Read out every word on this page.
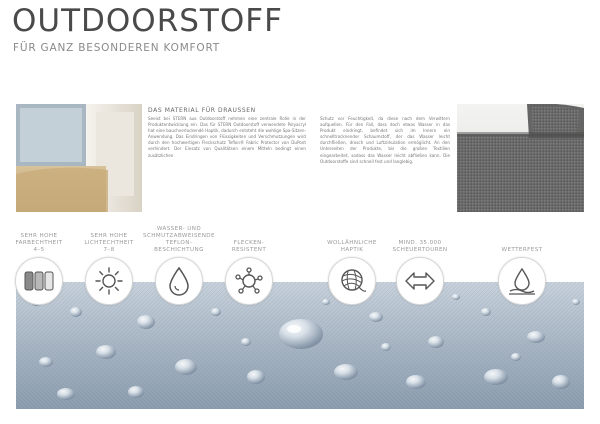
OUTDOORSTOFF
FÜR GANZ BESONDEREN KOMFORT
DAS MATERIAL FÜR DRAUSSEN
Seeist bei STERN aus Outdoorstoff nehmen eine zentrale Rolle in der Produktentwicklung ein. Das für STERN Outdoorstoff verwendete Polyacryl hat eine bauchverlockendé Haptik, dadurch entsteht die wohlige Spa-Sitzen-Anwendung. Das Eindringen von Flüssigkeiten und Verschmutzungen wird durch den hochwertigen Fleckschutz Teflon® Fabric Protector von DuPont verhindert. Der Einsatz von Qualitätsen einem Mitteln bedingt einen zusätzlichen
Schutz vor Feuchtigkeit, da diese nach dem Verwittern aufquellen. Für den Fall, dass doch etwas Wasser in das Produkt eindringt, befindet sich im Innern ein schnelltrocknender Schaumstoff, der das Wasser leicht durchfließen, drosch und Luftzirkulation ermöglicht. An den Unterseiten der Produkte, bis die großen Textilien eingearbeitet, sodass das Wasser leicht abfließen kann. Die Outdoorstoffe sind schnell fest und langlebig.
SEHR HOHE
FARBECHTHEIT
4–5
SEHR HOHE
LICHTECHTHEIT
7–8
WASSER- UND
SCHMUTZABWEISENDE
TEFLON-
BESCHICHTUNG
FLECKEN-
RESISTENT
WOLLÄHNLICHE
HAPTIK
MIND. 35.000
SCHEUERTOUREN	WETTERFEST
